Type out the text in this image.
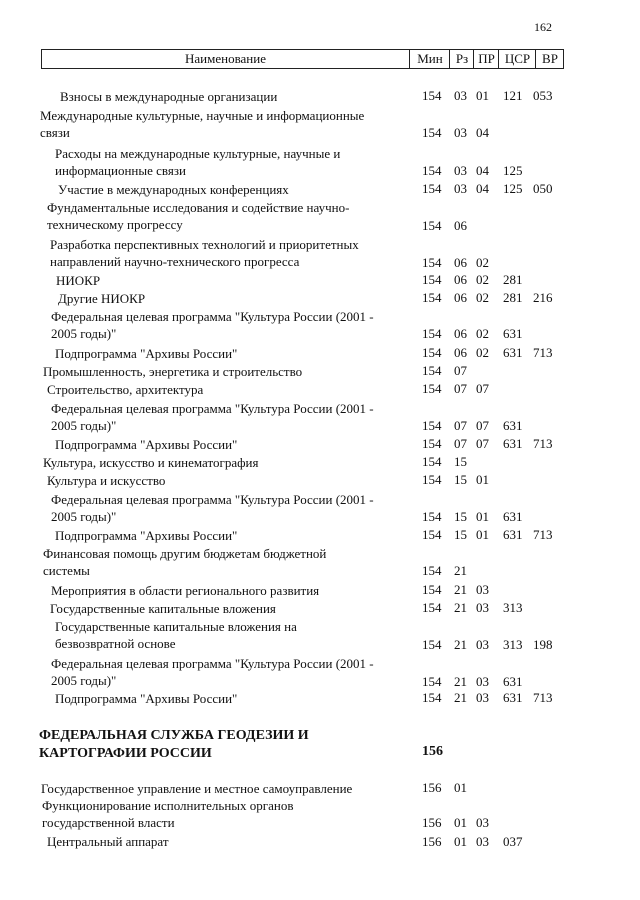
162
Наименование	Мин	Рз ПР ЦСР ВР
Взносы в международные организации	154 03 01 121 053
Международные культурные, научные и информационные
связи	154 03 04
Расходы на международные культурные, научные и
информационные связи	154 03 04 125
Участие в международных конференциях	154 03 04 125 050
Фундаментальные исследования и содействие научно-
техническому прогрессу	154 06
Разработка перспективных технологий и приоритетных
направлений научно-технического прогресса	154 06 02
НИОКР	154 06 02 281
Другие НИОКР	154 06 02 281 216
Федеральная целевая программа "Культура России (2001 -
2005 годы)"	154 06 02 631
Подпрограмма "Архивы России"	154 06 02 631 713
Промышленность, энергетика и строительство	154 07
Строительство, архитектура	154 07 07
Федеральная целевая программа "Культура России (2001 -
2005 годы)"	154 07 07 631
Подпрограмма "Архивы России"	154 07 07 631 713
Культура, искусство и кинематография	154 15
Культура и искусство	154 15 01
Федеральная целевая программа "Культура России (2001 -
2005 годы)"	154 15 01 631
Подпрограмма "Архивы России"	154 15 01 631 713
Финансовая помощь другим бюджетам бюджетной
системы	154 21
Мероприятия в области регионального развития	154 21 03
Государственные капитальные вложения	154 21 03 313
Государственные капитальные вложения на
безвозвратной основе	154 21 03 313 198
Федеральная целевая программа "Культура России (2001 -
2005 годы)"	154 21 03 631
Подпрограмма "Архивы России"	154 21 03 631 713
ФЕДЕРАЛЬНАЯ СЛУЖБА ГЕОДЕЗИИ И
КАРТОГРАФИИ РОССИИ	156
Государственное управление и местное самоуправление	156 01
Функционирование исполнительных органов
государственной власти	156 01 03
Центральный аппарат	156 01 03 037
